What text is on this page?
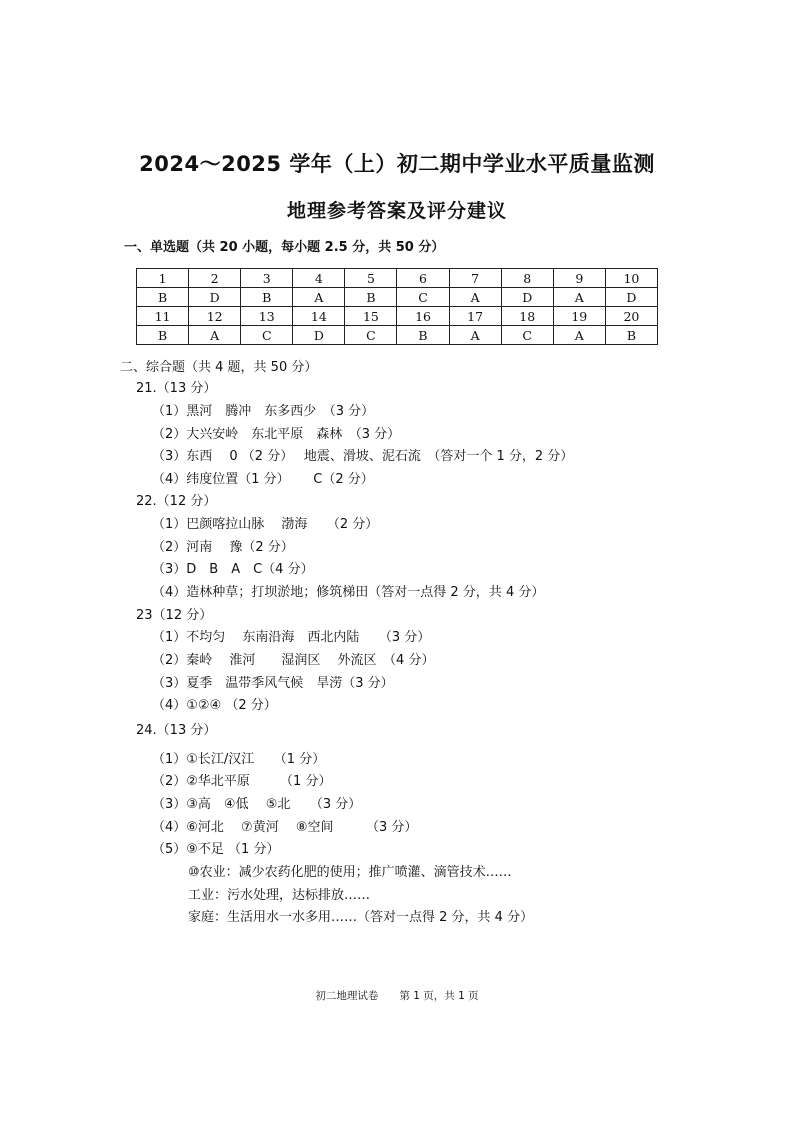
2024～2025 学年（上）初二期中学业水平质量监测
地理参考答案及评分建议
一、单选题（共 20 小题，每小题 2.5 分，共 50 分）
1	2	3	4	5	6	7	8	9	10
B	D	B	A	B	C	A	D	A	D
11	12	13	14	15	16	17	18	19	20
B	A	C	D	C	B	A	C	A	B
二、综合题（共 4 题，共 50 分）
21.（13 分）
（1）黑河　腾冲　东多西少　（3 分）
（2）大兴安岭　东北平原　森林　（3 分）
（3）东西　 0 （2 分）　 地震、滑坡、泥石流　（答对一个 1 分，2 分）
（4）纬度位置（1 分）　　 C（2 分）
22.（12 分）
（1）巴颜喀拉山脉　 渤海　　（2 分）
（2）河南　 豫（2 分）
（3）D　B　A　C（4 分）
（4）造林种草；打坝淤地；修筑梯田（答对一点得 2 分，共 4 分）
23（12 分）
（1）不均匀　 东南沿海　西北内陆　　（3 分）
（2）秦岭　 淮河　　湿润区　 外流区　（4 分）
（3）夏季　温带季风气候　旱涝（3 分）
（4）①②④ （2 分）
24.（13 分）
（1）①长江/汉江　　（1 分）
（2）②华北平原　　 （1 分）
（3）③高　④低　 ⑤北　　（3 分）
（4）⑥河北　 ⑦黄河　 ⑧空间　　　（3 分）
（5）⑨不足 （1 分）
⑩农业：减少农药化肥的使用；推广喷灌、滴管技术……
工业：污水处理，达标排放……
家庭：生活用水一水多用……（答对一点得 2 分，共 4 分）
初二地理试卷　　第 1 页，共 1 页
